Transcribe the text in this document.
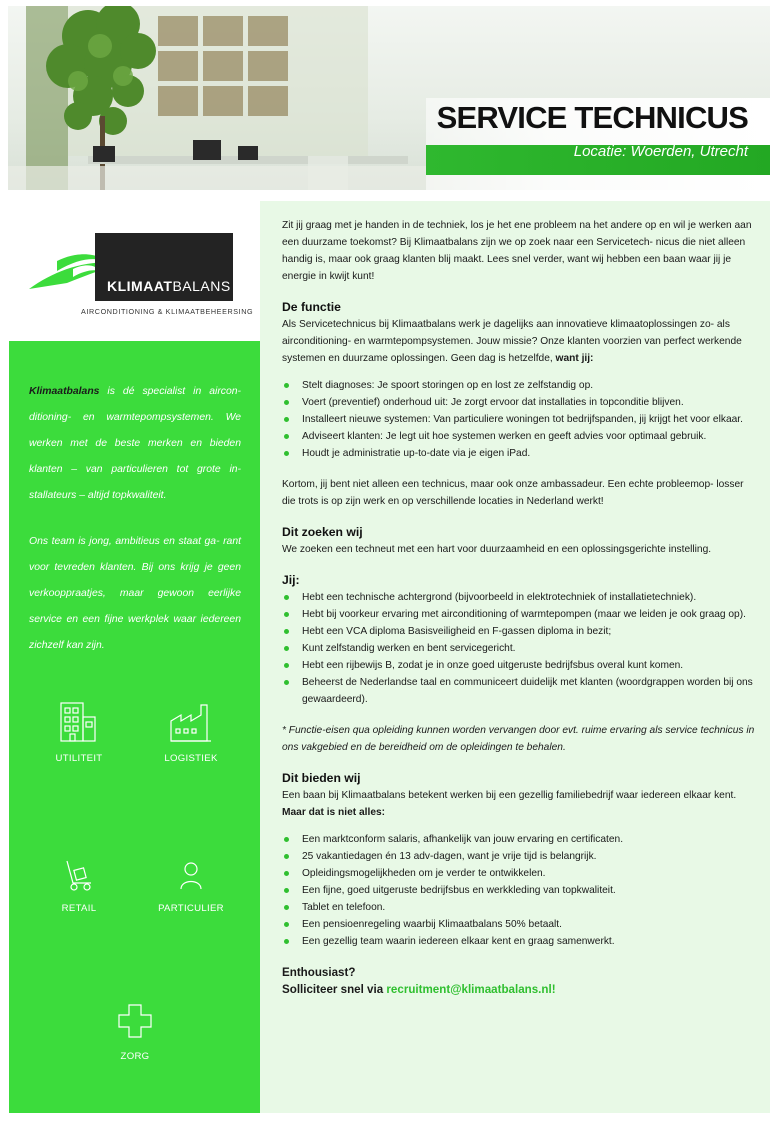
SERVICE TECHNICUS
Locatie: Woerden, Utrecht
KLIMAATBALANS
AIRCONDITIONING & KLIMAATBEHEERSING

Klimaatbalans is dé specialist in aircon- ditioning- en warmtepompsystemen. We werken met de beste merken en bieden klanten – van particulieren tot grote in- stallateurs – altijd topkwaliteit.

Ons team is jong, ambitieus en staat ga- rant voor tevreden klanten. Bij ons krijg je geen verkooppraatjes, maar gewoon eerlijke service en een fijne werkplek waar iedereen zichzelf kan zijn.

UTILITEIT	LOGISTIEK
RETAIL	PARTICULIER
ZORG

Zit jij graag met je handen in de techniek, los je het ene probleem na het andere op en wil je werken aan een duurzame toekomst? Bij Klimaatbalans zijn we op zoek naar een Servicetech- nicus die niet alleen handig is, maar ook graag klanten blij maakt. Lees snel verder, want wij hebben een baan waar jij je energie in kwijt kunt!

De functie

Als Servicetechnicus bij Klimaatbalans werk je dagelijks aan innovatieve klimaatoplossingen zo- als airconditioning- en warmtepompsystemen. Jouw missie? Onze klanten voorzien van perfect werkende systemen en duurzame oplossingen. Geen dag is hetzelfde, want jij:

Stelt diagnoses: Je spoort storingen op en lost ze zelfstandig op.
Voert (preventief) onderhoud uit: Je zorgt ervoor dat installaties in topconditie blijven.
Installeert nieuwe systemen: Van particuliere woningen tot bedrijfspanden, jij krijgt het voor elkaar.
Adviseert klanten: Je legt uit hoe systemen werken en geeft advies voor optimaal gebruik.
Houdt je administratie up-to-date via je eigen iPad.

Kortom, jij bent niet alleen een technicus, maar ook onze ambassadeur. Een echte probleemop- losser die trots is op zijn werk en op verschillende locaties in Nederland werkt!

Dit zoeken wij

We zoeken een techneut met een hart voor duurzaamheid en een oplossingsgerichte instelling.

Jij:
Hebt een technische achtergrond (bijvoorbeeld in elektrotechniek of installatietechniek).
Hebt bij voorkeur ervaring met airconditioning of warmtepompen (maar we leiden je ook graag op).
Hebt een VCA diploma Basisveiligheid en F-gassen diploma in bezit;
Kunt zelfstandig werken en bent servicegericht.
Hebt een rijbewijs B, zodat je in onze goed uitgeruste bedrijfsbus overal kunt komen.
Beheerst de Nederlandse taal en communiceert duidelijk met klanten (woordgrappen worden bij ons gewaardeerd).

* Functie-eisen qua opleiding kunnen worden vervangen door evt. ruime ervaring als service technicus in ons vakgebied en de bereidheid om de opleidingen te behalen.

Dit bieden wij

Een baan bij Klimaatbalans betekent werken bij een gezellig familiebedrijf waar iedereen elkaar kent. Maar dat is niet alles:

Een marktconform salaris, afhankelijk van jouw ervaring en certificaten.
25 vakantiedagen én 13 adv-dagen, want je vrije tijd is belangrijk.
Opleidingsmogelijkheden om je verder te ontwikkelen.
Een fijne, goed uitgeruste bedrijfsbus en werkkleding van topkwaliteit.
Tablet en telefoon.
Een pensioenregeling waarbij Klimaatbalans 50% betaalt.
Een gezellig team waarin iedereen elkaar kent en graag samenwerkt.

Enthousiast?

Solliciteer snel via recruitment@klimaatbalans.nl!
